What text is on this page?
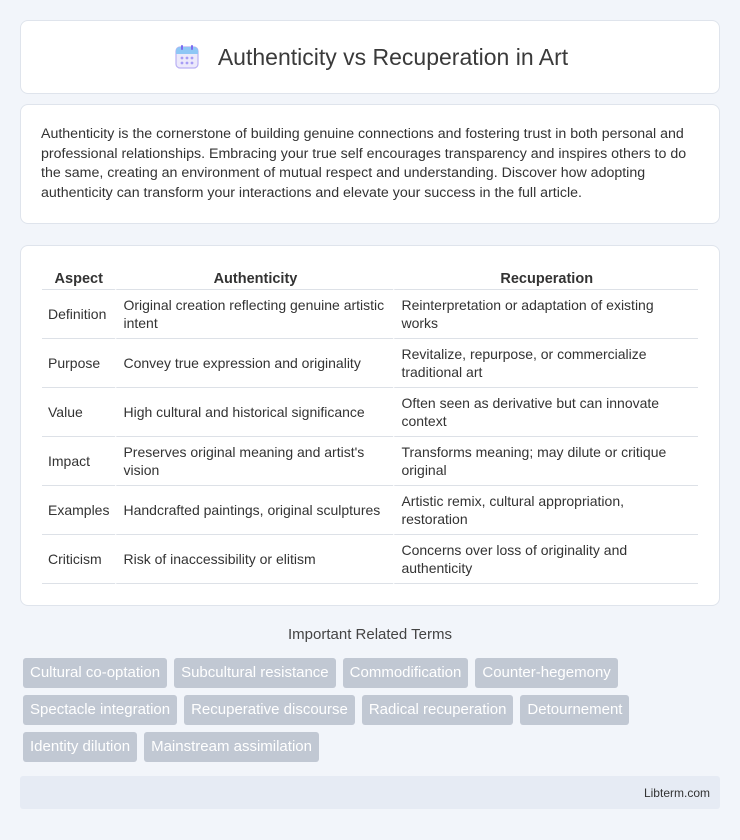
Authenticity vs Recuperation in Art

Authenticity is the cornerstone of building genuine connections and fostering trust in both personal and professional relationships. Embracing your true self encourages transparency and inspires others to do the same, creating an environment of mutual respect and understanding. Discover how adopting authenticity can transform your interactions and elevate your success in the full article.

Aspect	Authenticity	Recuperation
Definition	Original creation reflecting genuine artistic intent	Reinterpretation or adaptation of existing works
Purpose	Convey true expression and originality	Revitalize, repurpose, or commercialize traditional art
Value	High cultural and historical significance	Often seen as derivative but can innovate context
Impact	Preserves original meaning and artist's vision	Transforms meaning; may dilute or critique original
Examples	Handcrafted paintings, original sculptures	Artistic remix, cultural appropriation, restoration
Criticism	Risk of inaccessibility or elitism	Concerns over loss of originality and authenticity
Important Related Terms
Cultural co-optation	Subcultural resistance	Commodification	Counter-hegemony
Spectacle integration	Recuperative discourse	Radical recuperation	Detournement
Identity dilution	Mainstream assimilation
Libterm.com
